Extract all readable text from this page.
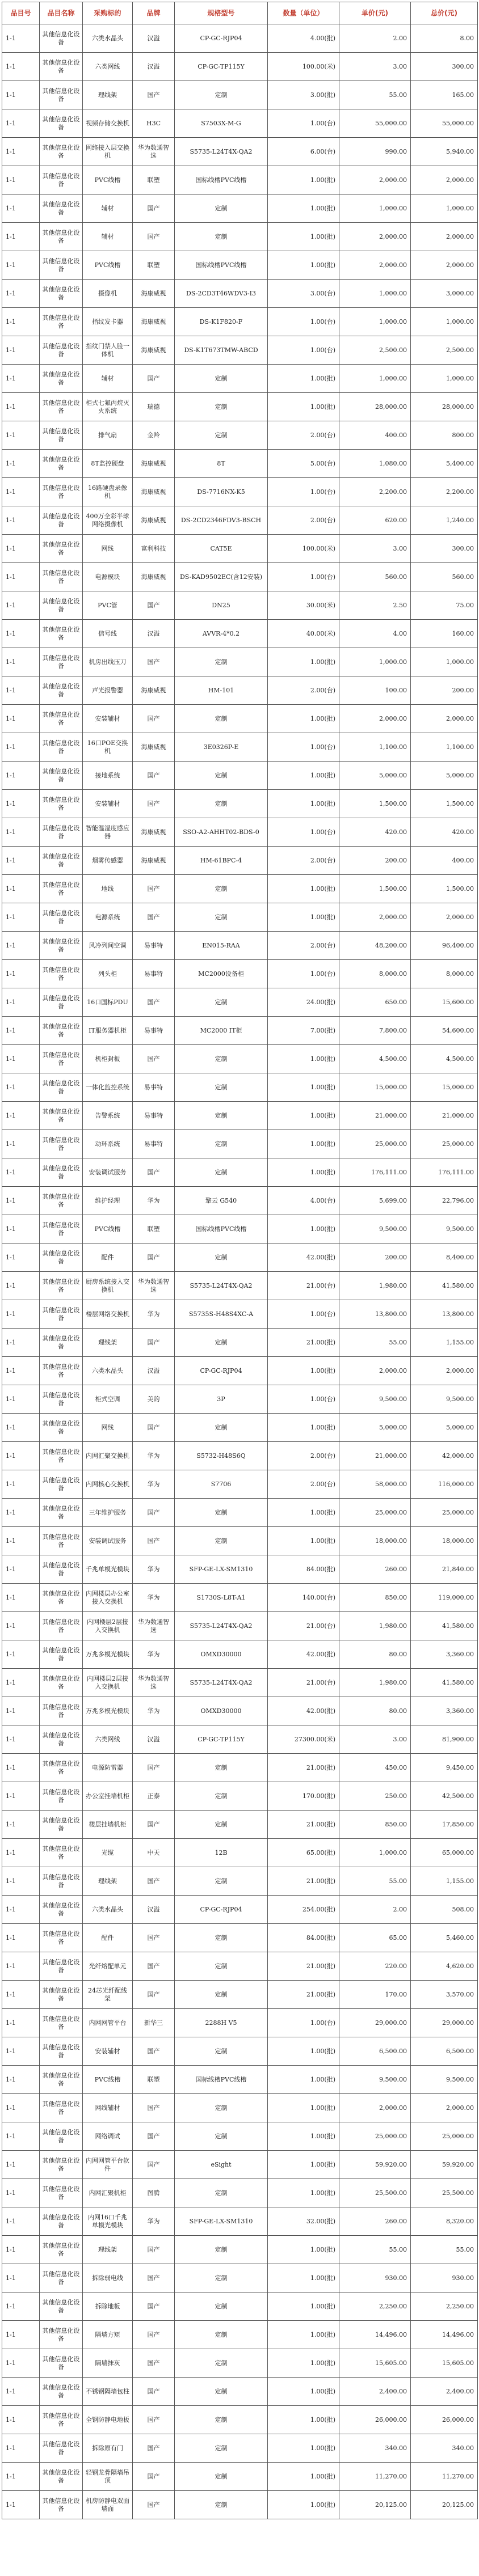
品目号	品目名称	采购标的	品牌	规格型号	数量（单位）	单价(元)	总价(元)
1-1	其他信息化设备	六类水晶头	汉溢	CP-GC-RJP04	4.00(批)	2.00	8.00
1-1	其他信息化设备	六类网线	汉溢	CP-GC-TP115Y	100.00(米)	3.00	300.00
1-1	其他信息化设备	理线架	国产	定制	3.00(批)	55.00	165.00
1-1	其他信息化设备	视频存储交换机	H3C	S7503X-M-G	1.00(台)	55,000.00	55,000.00
1-1	其他信息化设备	网络接入层交换机	华为数通智选	S5735-L24T4X-QA2	6.00(台)	990.00	5,940.00
1-1	其他信息化设备	PVC线槽	联塑	国标线槽PVC线槽	1.00(批)	2,000.00	2,000.00
1-1	其他信息化设备	辅材	国产	定制	1.00(批)	1,000.00	1,000.00
1-1	其他信息化设备	辅材	国产	定制	1.00(批)	2,000.00	2,000.00
1-1	其他信息化设备	PVC线槽	联塑	国标线槽PVC线槽	1.00(批)	2,000.00	2,000.00
1-1	其他信息化设备	摄像机	海康威视	DS-2CD3T46WDV3-I3	3.00(台)	1,000.00	3,000.00
1-1	其他信息化设备	指纹发卡器	海康威视	DS-K1F820-F	1.00(台)	1,000.00	1,000.00
1-1	其他信息化设备	指纹门禁人脸一体机	海康威视	DS-K1T673TMW-ABCD	1.00(台)	2,500.00	2,500.00
1-1	其他信息化设备	辅材	国产	定制	1.00(批)	1,000.00	1,000.00
1-1	其他信息化设备	柜式七氟丙烷灭火系统	瑞德	定制	1.00(批)	28,000.00	28,000.00
1-1	其他信息化设备	排气扇	金羚	定制	2.00(台)	400.00	800.00
1-1	其他信息化设备	8T监控硬盘	海康威视	8T	5.00(台)	1,080.00	5,400.00
1-1	其他信息化设备	16路硬盘录像机	海康威视	DS-7716NX-K5	1.00(台)	2,200.00	2,200.00
1-1	其他信息化设备	400万全彩半球网络摄像机	海康威视	DS-2CD2346FDV3-BSCH	2.00(台)	620.00	1,240.00
1-1	其他信息化设备	网线	富利科技	CAT5E	100.00(米)	3.00	300.00
1-1	其他信息化设备	电源模块	海康威视	DS-KAD9502EC(含12安装)	1.00(台)	560.00	560.00
1-1	其他信息化设备	PVC管	国产	DN25	30.00(米)	2.50	75.00
1-1	其他信息化设备	信号线	汉溢	AVVR-4*0.2	40.00(米)	4.00	160.00
1-1	其他信息化设备	机房出线压刀	国产	定制	1.00(批)	1,000.00	1,000.00
1-1	其他信息化设备	声光报警器	海康威视	HM-101	2.00(台)	100.00	200.00
1-1	其他信息化设备	安装辅材	国产	定制	1.00(批)	2,000.00	2,000.00
1-1	其他信息化设备	16口POE交换机	海康威视	3E0326P-E	1.00(台)	1,100.00	1,100.00
1-1	其他信息化设备	接地系统	国产	定制	1.00(批)	5,000.00	5,000.00
1-1	其他信息化设备	安装辅材	国产	定制	1.00(批)	1,500.00	1,500.00
1-1	其他信息化设备	智能温湿度感应器	海康威视	SSO-A2-AHHT02-BDS-0	1.00(台)	420.00	420.00
1-1	其他信息化设备	烟雾传感器	海康威视	HM-61BPC-4	2.00(台)	200.00	400.00
1-1	其他信息化设备	地线	国产	定制	1.00(批)	1,500.00	1,500.00
1-1	其他信息化设备	电源系统	国产	定制	1.00(批)	2,000.00	2,000.00
1-1	其他信息化设备	风冷列间空调	易事特	EN015-RAA	2.00(台)	48,200.00	96,400.00
1-1	其他信息化设备	列头柜	易事特	MC2000设备柜	1.00(台)	8,000.00	8,000.00
1-1	其他信息化设备	16口国标PDU	国产	定制	24.00(批)	650.00	15,600.00
1-1	其他信息化设备	IT服务器机柜	易事特	MC2000 IT柜	7.00(批)	7,800.00	54,600.00
1-1	其他信息化设备	机柜封板	国产	定制	1.00(批)	4,500.00	4,500.00
1-1	其他信息化设备	一体化监控系统	易事特	定制	1.00(批)	15,000.00	15,000.00
1-1	其他信息化设备	告警系统	易事特	定制	1.00(批)	21,000.00	21,000.00
1-1	其他信息化设备	动环系统	易事特	定制	1.00(批)	25,000.00	25,000.00
1-1	其他信息化设备	安装调试服务	国产	定制	1.00(批)	176,111.00	176,111.00
1-1	其他信息化设备	维护经理	华为	擎云 G540	4.00(台)	5,699.00	22,796.00
1-1	其他信息化设备	PVC线槽	联塑	国标线槽PVC线槽	1.00(批)	9,500.00	9,500.00
1-1	其他信息化设备	配件	国产	定制	42.00(批)	200.00	8,400.00
1-1	其他信息化设备	厨房系统接入交换机	华为数通智选	S5735-L24T4X-QA2	21.00(台)	1,980.00	41,580.00
1-1	其他信息化设备	楼层网络交换机	华为	S5735S-H48S4XC-A	1.00(台)	13,800.00	13,800.00
1-1	其他信息化设备	理线架	国产	定制	21.00(批)	55.00	1,155.00
1-1	其他信息化设备	六类水晶头	汉溢	CP-GC-RJP04	1.00(批)	2,000.00	2,000.00
1-1	其他信息化设备	柜式空调	美的	3P	1.00(台)	9,500.00	9,500.00
1-1	其他信息化设备	网线	国产	定制	1.00(批)	5,000.00	5,000.00
1-1	其他信息化设备	内网汇聚交换机	华为	S5732-H48S6Q	2.00(台)	21,000.00	42,000.00
1-1	其他信息化设备	内网核心交换机	华为	S7706	2.00(台)	58,000.00	116,000.00
1-1	其他信息化设备	三年维护服务	国产	定制	1.00(批)	25,000.00	25,000.00
1-1	其他信息化设备	安装调试服务	国产	定制	1.00(批)	18,000.00	18,000.00
1-1	其他信息化设备	千兆单模光模块	华为	SFP-GE-LX-SM1310	84.00(批)	260.00	21,840.00
1-1	其他信息化设备	内网楼层办公室接入交换机	华为	S1730S-L8T-A1	140.00(台)	850.00	119,000.00
1-1	其他信息化设备	内网楼层2层接入交换机	华为数通智选	S5735-L24T4X-QA2	21.00(台)	1,980.00	41,580.00
1-1	其他信息化设备	万兆多模光模块	华为	OMXD30000	42.00(批)	80.00	3,360.00
1-1	其他信息化设备	内网楼层2层接入交换机	华为数通智选	S5735-L24T4X-QA2	21.00(台)	1,980.00	41,580.00
1-1	其他信息化设备	万兆多模光模块	华为	OMXD30000	42.00(批)	80.00	3,360.00
1-1	其他信息化设备	六类网线	汉溢	CP-GC-TP115Y	27300.00(米)	3.00	81,900.00
1-1	其他信息化设备	电源防雷器	国产	定制	21.00(批)	450.00	9,450.00
1-1	其他信息化设备	办公室挂墙机柜	正泰	定制	170.00(批)	250.00	42,500.00
1-1	其他信息化设备	楼层挂墙机柜	国产	定制	21.00(批)	850.00	17,850.00
1-1	其他信息化设备	光缆	中天	12B	65.00(批)	1,000.00	65,000.00
1-1	其他信息化设备	理线架	国产	定制	21.00(批)	55.00	1,155.00
1-1	其他信息化设备	六类水晶头	汉溢	CP-GC-RJP04	254.00(批)	2.00	508.00
1-1	其他信息化设备	配件	国产	定制	84.00(批)	65.00	5,460.00
1-1	其他信息化设备	光纤熔配单元	国产	定制	21.00(批)	220.00	4,620.00
1-1	其他信息化设备	24芯光纤配线架	国产	定制	21.00(批)	170.00	3,570.00
1-1	其他信息化设备	内网网管平台	新华三	2288H V5	1.00(台)	29,000.00	29,000.00
1-1	其他信息化设备	安装辅材	国产	定制	1.00(批)	6,500.00	6,500.00
1-1	其他信息化设备	PVC线槽	联塑	国标线槽PVC线槽	1.00(批)	9,500.00	9,500.00
1-1	其他信息化设备	网线辅材	国产	定制	1.00(批)	2,000.00	2,000.00
1-1	其他信息化设备	网络调试	国产	定制	1.00(批)	25,000.00	25,000.00
1-1	其他信息化设备	内网网管平台软件	国产	eSight	1.00(批)	59,920.00	59,920.00
1-1	其他信息化设备	内网汇聚机柜	图腾	定制	1.00(批)	25,500.00	25,500.00
1-1	其他信息化设备	内网16口千兆单模光模块	华为	SFP-GE-LX-SM1310	32.00(批)	260.00	8,320.00
1-1	其他信息化设备	理线架	国产	定制	1.00(批)	55.00	55.00
1-1	其他信息化设备	拆除弱电线	国产	定制	1.00(批)	930.00	930.00
1-1	其他信息化设备	拆除地板	国产	定制	1.00(批)	2,250.00	2,250.00
1-1	其他信息化设备	隔墙方矩	国产	定制	1.00(批)	14,496.00	14,496.00
1-1	其他信息化设备	隔墙抹灰	国产	定制	1.00(批)	15,605.00	15,605.00
1-1	其他信息化设备	不锈钢隔墙包柱	国产	定制	1.00(批)	2,400.00	2,400.00
1-1	其他信息化设备	全钢防静电地板	国产	定制	1.00(批)	26,000.00	26,000.00
1-1	其他信息化设备	拆除原有门	国产	定制	1.00(批)	340.00	340.00
1-1	其他信息化设备	轻钢龙骨隔墙吊顶	国产	定制	1.00(批)	11,270.00	11,270.00
1-1	其他信息化设备	机房防静电双面墙面	国产	定制	1.00(批)	20,125.00	20,125.00
